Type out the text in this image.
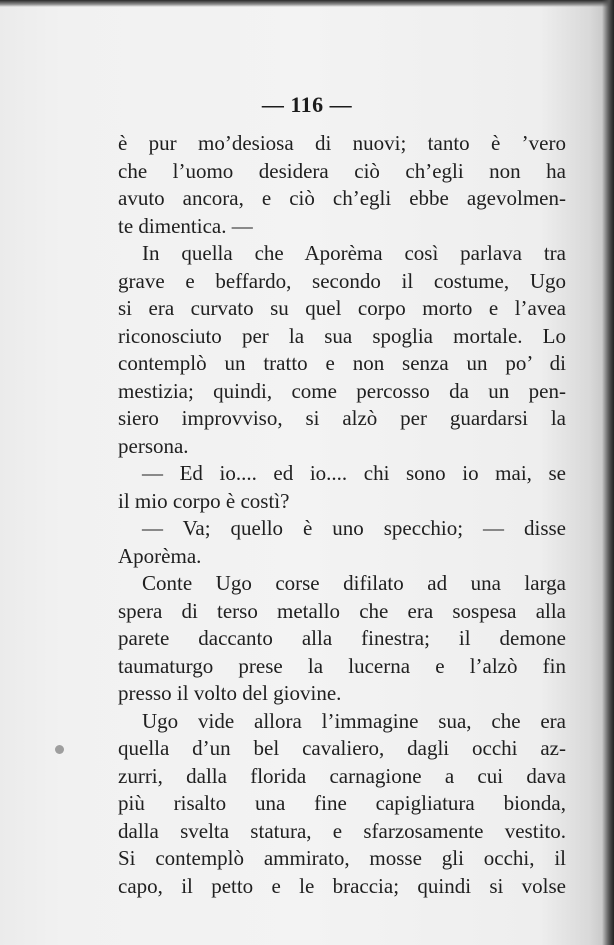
— 116 —
è pur mo’desiosa di nuovi; tanto è ’vero
che l’uomo desidera ciò ch’egli non ha
avuto ancora, e ciò ch’egli ebbe agevolmen-
te dimentica. —
In quella che Aporèma così parlava tra
grave e beffardo, secondo il costume, Ugo
si era curvato su quel corpo morto e l’avea
riconosciuto per la sua spoglia mortale. Lo
contemplò un tratto e non senza un po’ di
mestizia; quindi, come percosso da un pen-
siero improvviso, si alzò per guardarsi la
persona.
— Ed io.... ed io.... chi sono io mai, se
il mio corpo è costì?
— Va; quello è uno specchio; — disse
Aporèma.
Conte Ugo corse difilato ad una larga
spera di terso metallo che era sospesa alla
parete daccanto alla finestra; il demone
taumaturgo prese la lucerna e l’alzò fin
presso il volto del giovine.
Ugo vide allora l’immagine sua, che era
quella d’un bel cavaliero, dagli occhi az-
zurri, dalla florida carnagione a cui dava
più risalto una fine capigliatura bionda,
dalla svelta statura, e sfarzosamente vestito.
Si contemplò ammirato, mosse gli occhi, il
capo, il petto e le braccia; quindi si volse
